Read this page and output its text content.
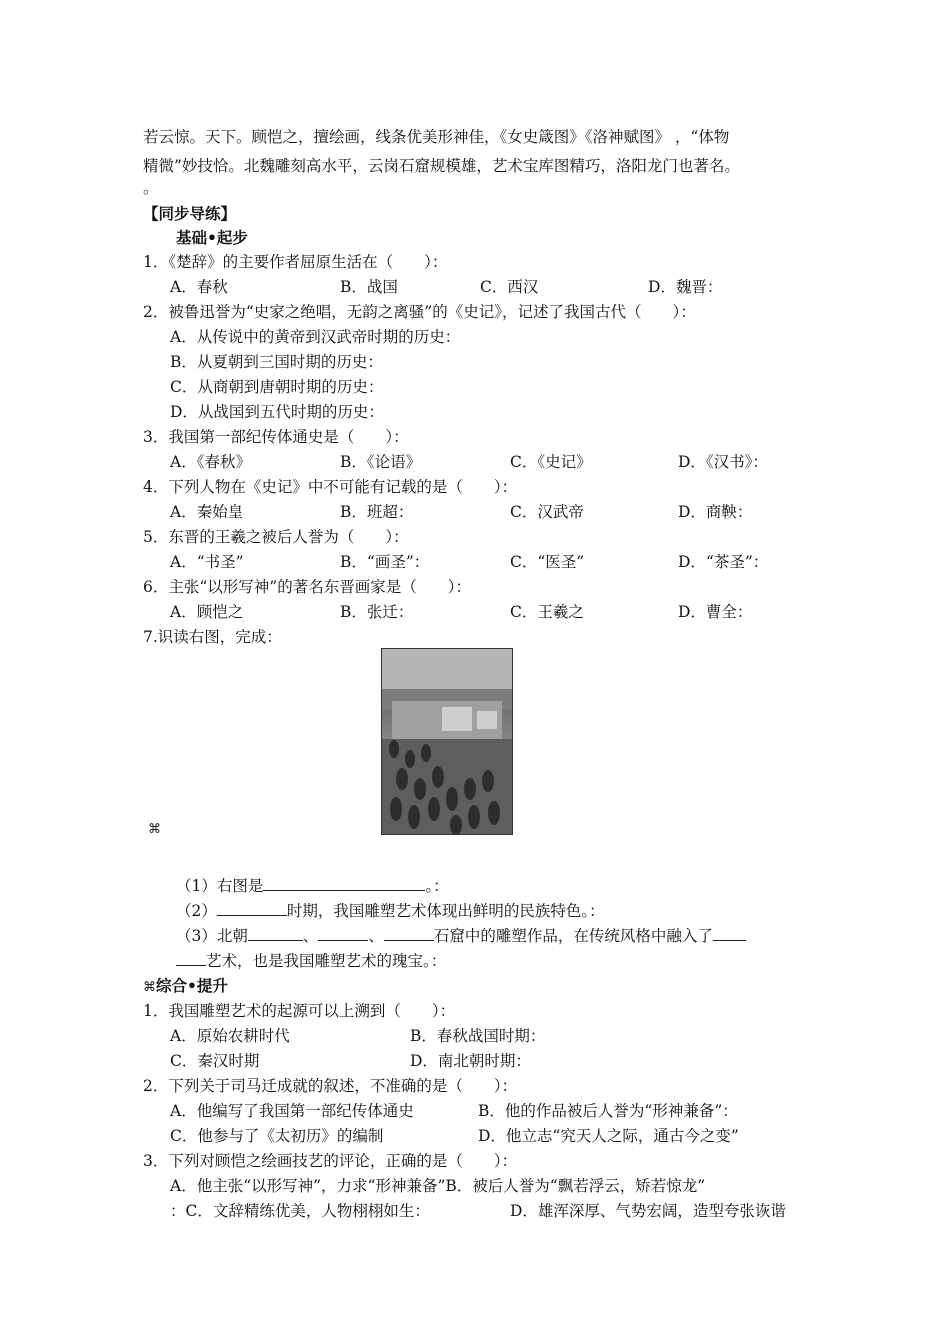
若云惊。天下。顾恺之，擅绘画，线条优美形神佳，《女史箴图》《洛神赋图》 ，“体物
精微”妙技恰。北魏雕刻高水平，云岗石窟规模雄，艺术宝库图精巧，洛阳龙门也著名。
。
【同步导练】
基础•起步
1．《楚辞》的主要作者屈原生活在（　　）：
A．春秋	B．战国	C．西汉	D．魏晋：
2．被鲁迅誉为“史家之绝唱，无韵之离骚”的《史记》，记述了我国古代（　　）：
A．从传说中的黄帝到汉武帝时期的历史：
B．从夏朝到三国时期的历史：
C．从商朝到唐朝时期的历史：
D．从战国到五代时期的历史：
3．我国第一部纪传体通史是（　　）：
A．《春秋》	B．《论语》	C．《史记》	D．《汉书》：
4．下列人物在《史记》中不可能有记载的是（　　）：
A．秦始皇	B．班超：	C．汉武帝	D．商鞅：
5．东晋的王羲之被后人誉为（　　）：
A．“书圣”	B．“画圣”：	C．“医圣”	D．“茶圣”：
6．主张“以形写神”的著名东晋画家是（　　）：
A．顾恺之	B．张迁：	C．王羲之	D．曹全：
7.识读右图，完成：
⌘
（1）右图是	。：
（2）	时期，我国雕塑艺术体现出鲜明的民族特色。：
（3）北朝	、	、	石窟中的雕塑作品，在传统风格中融入了
艺术，也是我国雕塑艺术的瑰宝。：
⌘综合•提升
1．我国雕塑艺术的起源可以上溯到（　　）：
A．原始农耕时代	B．春秋战国时期：
C．秦汉时期	D．南北朝时期：
2．下列关于司马迁成就的叙述，不准确的是（　　）：
A．他编写了我国第一部纪传体通史	B．他的作品被后人誉为“形神兼备”：
C．他参与了《太初历》的编制	D．他立志“究天人之际，通古今之变”
3．下列对顾恺之绘画技艺的评论，正确的是（　　）：
A．他主张“以形写神”，力求“形神兼备”B．被后人誉为“飘若浮云，矫若惊龙”
：C．文辞精练优美，人物栩栩如生：	D．雄浑深厚、气势宏阔，造型夸张诙谐
